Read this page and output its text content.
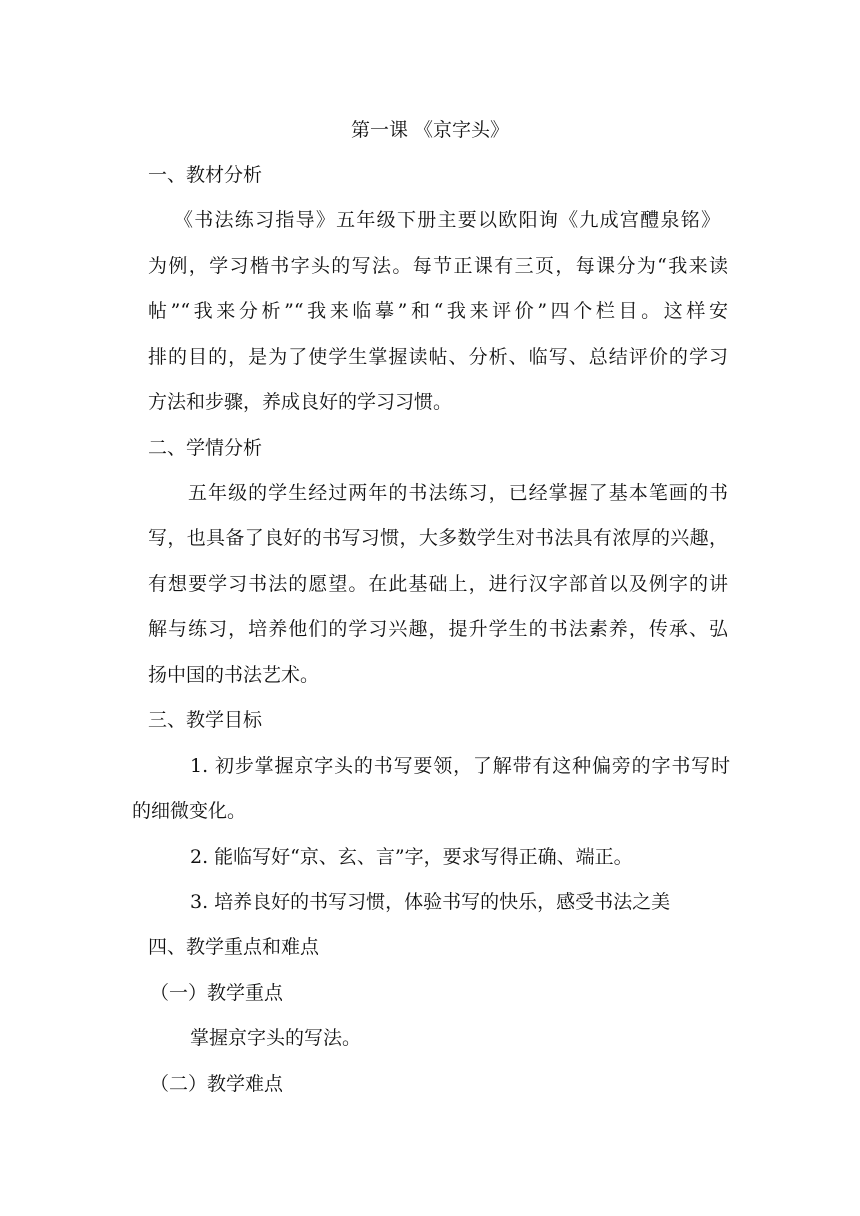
第一课 《京字头》
一、教材分析
《书法练习指导》五年级下册主要以欧阳询《九成宫醴泉铭》
为例，学习楷书字头的写法。每节正课有三页，每课分为“我来读
帖”“我来分析”“我来临摹”和“我来评价”四个栏目。这样安
排的目的，是为了使学生掌握读帖、分析、临写、总结评价的学习
方法和步骤，养成良好的学习习惯。
二、学情分析
五年级的学生经过两年的书法练习，已经掌握了基本笔画的书
写，也具备了良好的书写习惯，大多数学生对书法具有浓厚的兴趣，
有想要学习书法的愿望。在此基础上，进行汉字部首以及例字的讲
解与练习，培养他们的学习兴趣，提升学生的书法素养，传承、弘
扬中国的书法艺术。
三、教学目标
1. 初步掌握京字头的书写要领，了解带有这种偏旁的字书写时
的细微变化。
2. 能临写好“京、玄、言”字，要求写得正确、端正。
3. 培养良好的书写习惯，体验书写的快乐，感受书法之美
四、教学重点和难点
（一）教学重点
掌握京字头的写法。
（二）教学难点
